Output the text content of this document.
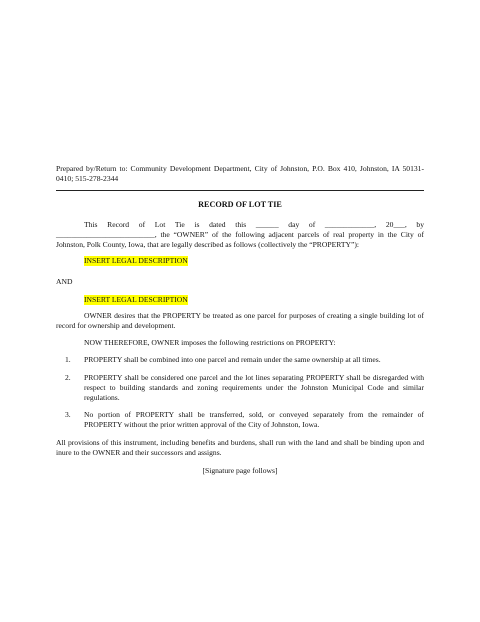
Prepared by/Return to: Community Development Department, City of Johnston, P.O. Box 410, Johnston, IA 50131-0410; 515-278-2344

RECORD OF LOT TIE

This Record of Lot Tie is dated this ______ day of _____________, 20___, by __________________________, the “OWNER” of the following adjacent parcels of real property in the City of Johnston, Polk County, Iowa, that are legally described as follows (collectively the “PROPERTY”):

INSERT LEGAL DESCRIPTION
AND
INSERT LEGAL DESCRIPTION

OWNER desires that the PROPERTY be treated as one parcel for purposes of creating a single building lot of record for ownership and development.

NOW THEREFORE, OWNER imposes the following restrictions on PROPERTY:

1.	PROPERTY shall be combined into one parcel and remain under the same ownership at all times.
2.	PROPERTY shall be considered one parcel and the lot lines separating PROPERTY shall be disregarded with respect to building standards and zoning requirements under the Johnston Municipal Code and similar regulations.
3.	No portion of PROPERTY shall be transferred, sold, or conveyed separately from the remainder of PROPERTY without the prior written approval of the City of Johnston, Iowa.

All provisions of this instrument, including benefits and burdens, shall run with the land and shall be binding upon and inure to the OWNER and their successors and assigns.

[Signature page follows]
